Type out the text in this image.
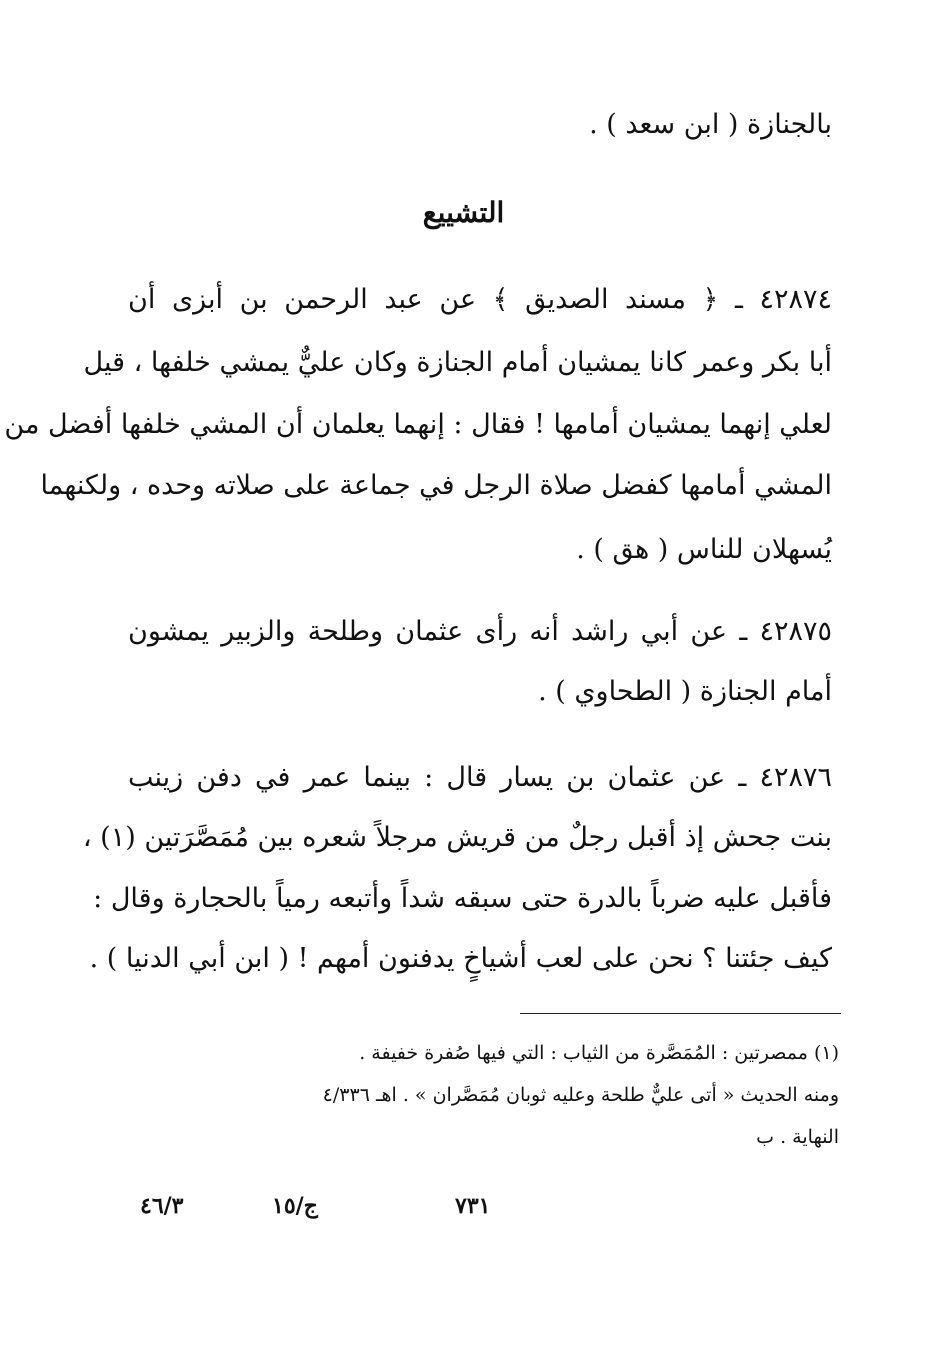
بالجنازة ( ابن سعد ) .
التشييع
٤٢٨٧٤ ـ ﴿ مسند الصديق ﴾ عن عبد الرحمن بن أبزى أن
أبا بكر وعمر كانا يمشيان أمام الجنازة وكان عليٌّ يمشي خلفها ، قيل
لعلي إنهما يمشيان أمامها ! فقال : إنهما يعلمان أن المشي خلفها أفضل من
المشي أمامها كفضل صلاة الرجل في جماعة على صلاته وحده ، ولكنهما
يُسهلان للناس ( هق ) .
٤٢٨٧٥ ـ عن أبي راشد أنه رأى عثمان وطلحة والزبير يمشون
أمام الجنازة ( الطحاوي ) .
٤٢٨٧٦ ـ عن عثمان بن يسار قال : بينما عمر في دفن زينب
بنت جحش إذ أقبل رجلٌ من قريش مرجلاً شعره بين مُمَصَّرَتين (١) ،
فأقبل عليه ضرباً بالدرة حتى سبقه شداً وأتبعه رمياً بالحجارة وقال :
كيف جئتنا ؟ نحن على لعب أشياخٍ يدفنون أمهم ! ( ابن أبي الدنيا ) .
(١) ممصرتين : المُمَصَّرة من الثياب : التي فيها صُفرة خفيفة .
ومنه الحديث « أتى عليٌّ طلحة وعليه ثوبان مُمَصَّران » . اهـ ٤/٣٣٦
النهاية . ب
٧٣١
ج/١٥
٤٦/٣
